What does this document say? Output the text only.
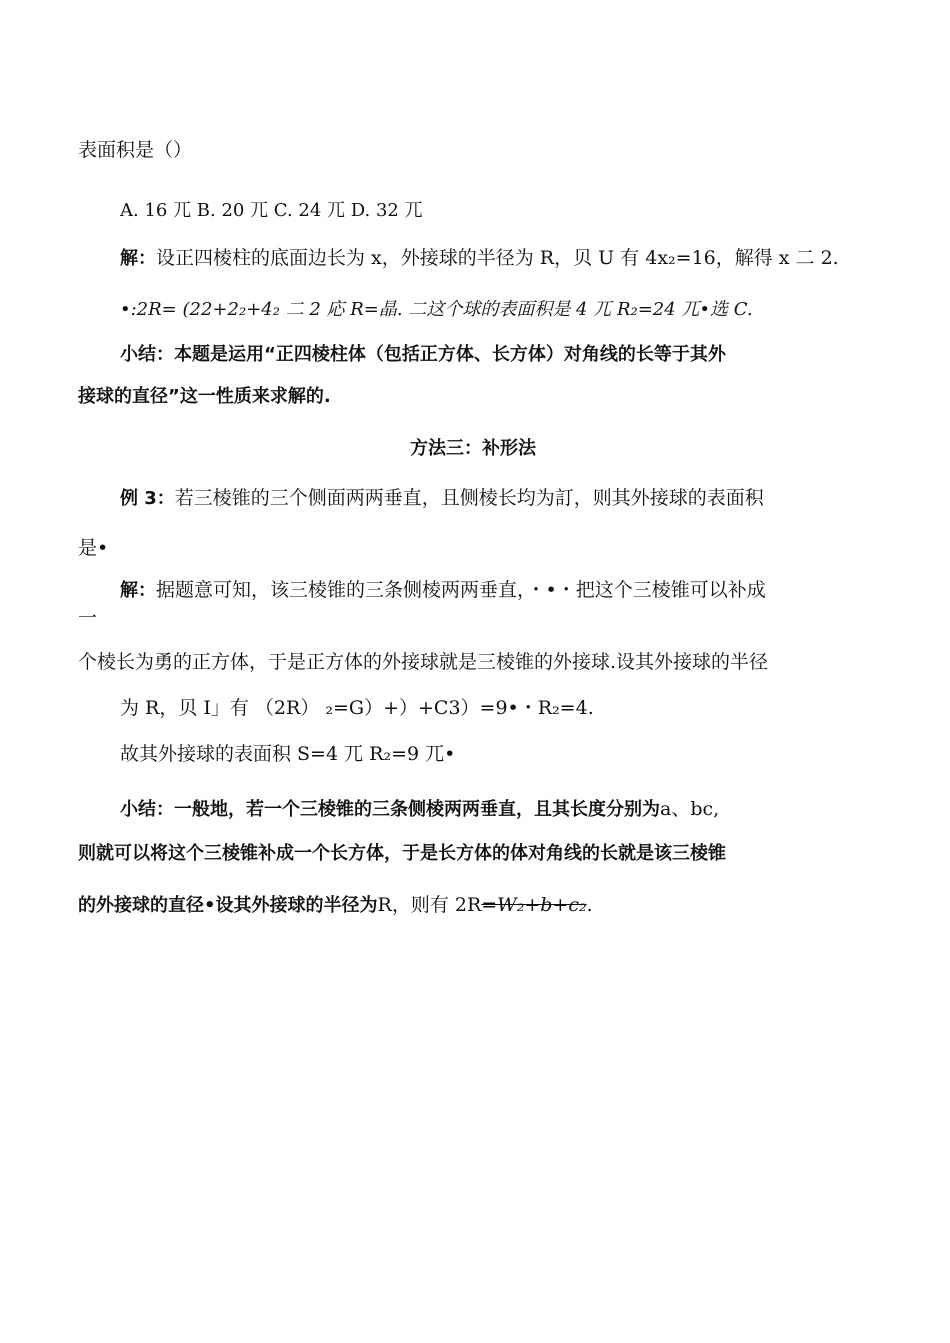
表面积是（）
A. 16 兀 B. 20 兀 C. 24 兀 D. 32 兀
解：设正四棱柱的底面边长为 x，外接球的半径为 R，贝 U 有 4x₂=16，解得 x 二 2.
•:2R= (22+2₂+4₂ 二 2 応 R=晶. 二这个球的表面积是 4 兀 R₂=24 兀•选 C.
小结：本题是运用“正四棱柱体（包括正方体、长方体）对角线的长等于其外
接球的直径”这一性质来求解的.
方法三：补形法
例 3：若三棱锥的三个侧面两两垂直，且侧棱长均为訂，则其外接球的表面积
是•
解：据题意可知，该三棱锥的三条侧棱两两垂直，・•・把这个三棱锥可以补成
一
个棱长为勇的正方体，于是正方体的外接球就是三棱锥的外接球.设其外接球的半径
为 R，贝 I」有 （2R） ₂=G）+）+C3）=9•・R₂=4.
故其外接球的表面积 S=4 兀 R₂=9 兀•
小结：一般地，若一个三棱锥的三条侧棱两两垂直，且其长度分别为a、bc,
则就可以将这个三棱锥补成一个长方体，于是长方体的体对角线的长就是该三棱锥
的外接球的直径•设其外接球的半径为R，则有 2R=W₂+b+c₂.
